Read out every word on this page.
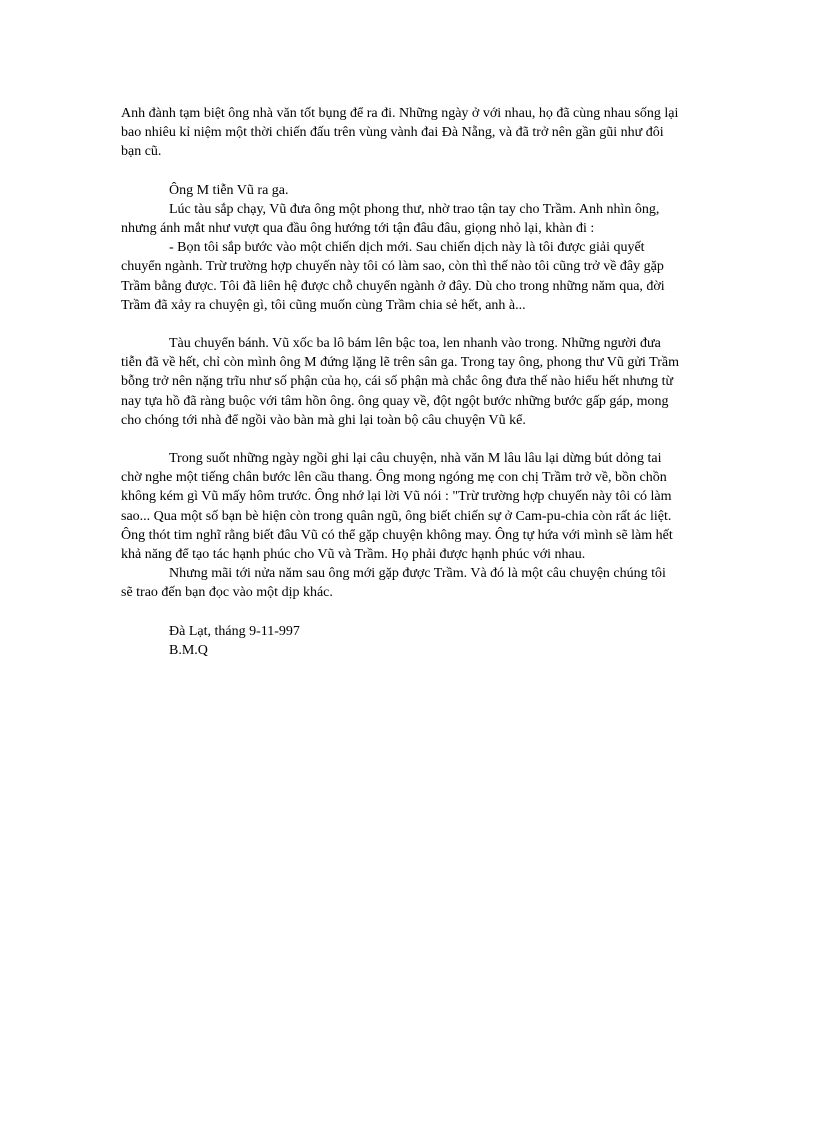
Anh đành tạm biệt ông nhà văn tốt bụng để ra đi. Những ngày ở với nhau, họ đã cùng nhau sống lại bao nhiêu kỉ niệm một thời chiến đấu trên vùng vành đai Đà Nẵng, và đã trở nên gần gũi như đôi bạn cũ.

Ông M tiễn Vũ ra ga.

Lúc tàu sắp chạy, Vũ đưa ông một phong thư, nhờ trao tận tay cho Trầm. Anh nhìn ông, nhưng ánh mắt như vượt qua đầu ông hướng tới tận đâu đâu, giọng nhỏ lại, khàn đi :

- Bọn tôi sắp bước vào một chiến dịch mới. Sau chiến dịch này là tôi được giải quyết chuyển ngành. Trừ trường hợp chuyến này tôi có làm sao, còn thì thế nào tôi cũng trở về đây gặp Trầm bằng được. Tôi đã liên hệ được chỗ chuyển ngành ở đây. Dù cho trong những năm qua, đời Trầm đã xảy ra chuyện gì, tôi cũng muốn cùng Trầm chia sẻ hết, anh à...

Tàu chuyển bánh. Vũ xốc ba lô bám lên bậc toa, len nhanh vào trong. Những người đưa tiễn đã về hết, chỉ còn mình ông M đứng lặng lẽ trên sân ga. Trong tay ông, phong thư Vũ gửi Trầm bỗng trở nên nặng trĩu như số phận của họ, cái số phận mà chắc ông đưa thế nào hiểu hết nhưng từ nay tựa hồ đã ràng buộc với tâm hồn ông. ông quay về, đột ngột bước những bước gấp gáp, mong cho chóng tới nhà để ngồi vào bàn mà ghi lại toàn bộ câu chuyện Vũ kể.

Trong suốt những ngày ngồi ghi lại câu chuyện, nhà văn M lâu lâu lại dừng bút dỏng tai chờ nghe một tiếng chân bước lên cầu thang. Ông mong ngóng mẹ con chị Trầm trở về, bồn chồn không kém gì Vũ mấy hôm trước. Ông nhớ lại lời Vũ nói : "Trừ trường hợp chuyến này tôi có làm sao... Qua một số bạn bè hiện còn trong quân ngũ, ông biết chiến sự ở Cam-pu-chia còn rất ác liệt. Ông thót tim nghĩ rằng biết đâu Vũ có thể gặp chuyện không may. Ông tự hứa với mình sẽ làm hết khả năng để tạo tác hạnh phúc cho Vũ và Trầm. Họ phải được hạnh phúc với nhau.

Nhưng mãi tới nửa năm sau ông mới gặp được Trầm. Và đó là một câu chuyện chúng tôi sẽ trao đến bạn đọc vào một dịp khác.

Đà Lạt, tháng 9-11-997

B.M.Q
